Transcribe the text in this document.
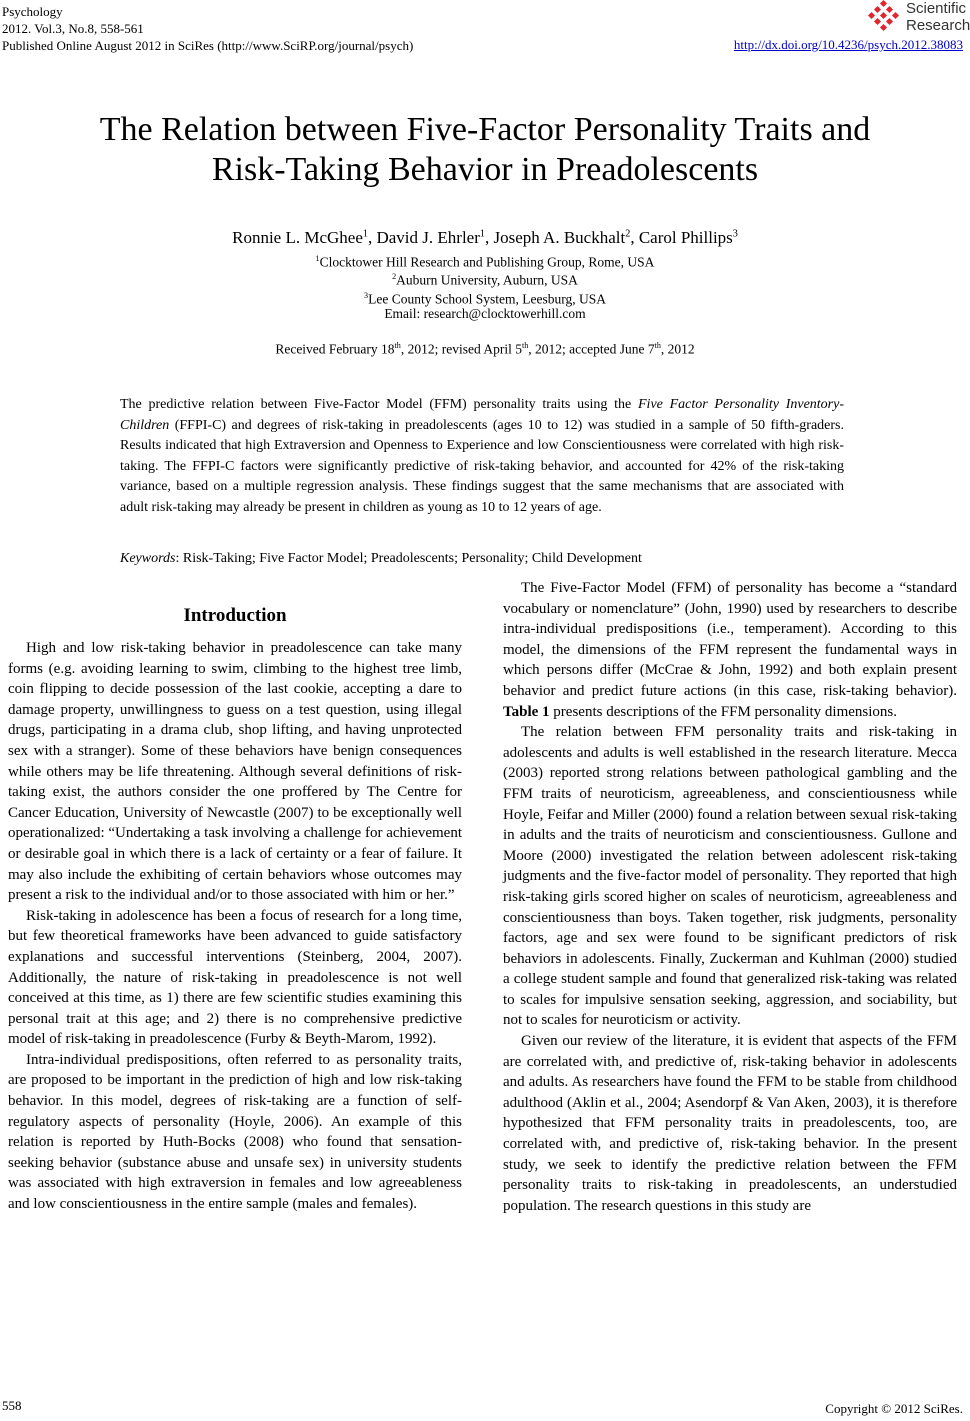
Psychology
2012. Vol.3, No.8, 558-561
Published Online August 2012 in SciRes (http://www.SciRP.org/journal/psych)	http://dx.doi.org/10.4236/psych.2012.38083
Scientific
Research
The Relation between Five-Factor Personality Traits and
Risk-Taking Behavior in Preadolescents
Ronnie L. McGhee$^1$, David J. Ehrler$^1$, Joseph A. Buckhalt$^2$, Carol Phillips$^3$
$^1$Clocktower Hill Research and Publishing Group, Rome, USA
$^2$Auburn University, Auburn, USA
$^3$Lee County School System, Leesburg, USA
Email: research@clocktowerhill.com
Received February 18th, 2012; revised April 5th, 2012; accepted June 7th, 2012
The predictive relation between Five-Factor Model (FFM) personality traits using the Five Factor Personality Inventory-Children (FFPI-C) and degrees of risk-taking in preadolescents (ages 10 to 12) was studied in a sample of 50 fifth-graders. Results indicated that high Extraversion and Openness to Experience and low Conscientiousness were correlated with high risk-taking. The FFPI-C factors were significantly predictive of risk-taking behavior, and accounted for 42% of the risk-taking variance, based on a multiple regression analysis. These findings suggest that the same mechanisms that are associated with adult risk-taking may already be present in children as young as 10 to 12 years of age.
Keywords: Risk-Taking; Five Factor Model; Preadolescents; Personality; Child Development
Introduction

High and low risk-taking behavior in preadolescence can take many forms (e.g. avoiding learning to swim, climbing to the highest tree limb, coin flipping to decide possession of the last cookie, accepting a dare to damage property, unwillingness to guess on a test question, using illegal drugs, participating in a drama club, shop lifting, and having unprotected sex with a stranger). Some of these behaviors have benign consequences while others may be life threatening. Although several definitions of risk-taking exist, the authors consider the one proffered by The Centre for Cancer Education, University of Newcastle (2007) to be exceptionally well operationalized: “Undertaking a task involving a challenge for achievement or desirable goal in which there is a lack of certainty or a fear of failure. It may also include the exhibiting of certain behaviors whose outcomes may present a risk to the individual and/or to those associated with him or her.”

Risk-taking in adolescence has been a focus of research for a long time, but few theoretical frameworks have been advanced to guide satisfactory explanations and successful interventions (Steinberg, 2004, 2007). Additionally, the nature of risk-taking in preadolescence is not well conceived at this time, as 1) there are few scientific studies examining this personal trait at this age; and 2) there is no comprehensive predictive model of risk-taking in preadolescence (Furby & Beyth-Marom, 1992).

Intra-individual predispositions, often referred to as personality traits, are proposed to be important in the prediction of high and low risk-taking behavior. In this model, degrees of risk-taking are a function of self-regulatory aspects of personality (Hoyle, 2006). An example of this relation is reported by Huth-Bocks (2008) who found that sensation-seeking behavior (substance abuse and unsafe sex) in university students was associated with high extraversion in females and low agreeableness and low conscientiousness in the entire sample (males and females).

The Five-Factor Model (FFM) of personality has become a “standard vocabulary or nomenclature” (John, 1990) used by researchers to describe intra-individual predispositions (i.e., temperament). According to this model, the dimensions of the FFM represent the fundamental ways in which persons differ (McCrae & John, 1992) and both explain present behavior and predict future actions (in this case, risk-taking behavior). Table 1 presents descriptions of the FFM personality dimensions.

The relation between FFM personality traits and risk-taking in adolescents and adults is well established in the research literature. Mecca (2003) reported strong relations between pathological gambling and the FFM traits of neuroticism, agreeableness, and conscientiousness while Hoyle, Feifar and Miller (2000) found a relation between sexual risk-taking in adults and the traits of neuroticism and conscientiousness. Gullone and Moore (2000) investigated the relation between adolescent risk-taking judgments and the five-factor model of personality. They reported that high risk-taking girls scored higher on scales of neuroticism, agreeableness and conscientiousness than boys. Taken together, risk judgments, personality factors, age and sex were found to be significant predictors of risk behaviors in adolescents. Finally, Zuckerman and Kuhlman (2000) studied a college student sample and found that generalized risk-taking was related to scales for impulsive sensation seeking, aggression, and sociability, but not to scales for neuroticism or activity.

Given our review of the literature, it is evident that aspects of the FFM are correlated with, and predictive of, risk-taking behavior in adolescents and adults. As researchers have found the FFM to be stable from childhood adulthood (Aklin et al., 2004; Asendorpf & Van Aken, 2003), it is therefore hypothesized that FFM personality traits in preadolescents, too, are correlated with, and predictive of, risk-taking behavior. In the present study, we seek to identify the predictive relation between the FFM personality traits to risk-taking in preadolescents, an understudied population. The research questions in this study are

558	Copyright © 2012 SciRes.
